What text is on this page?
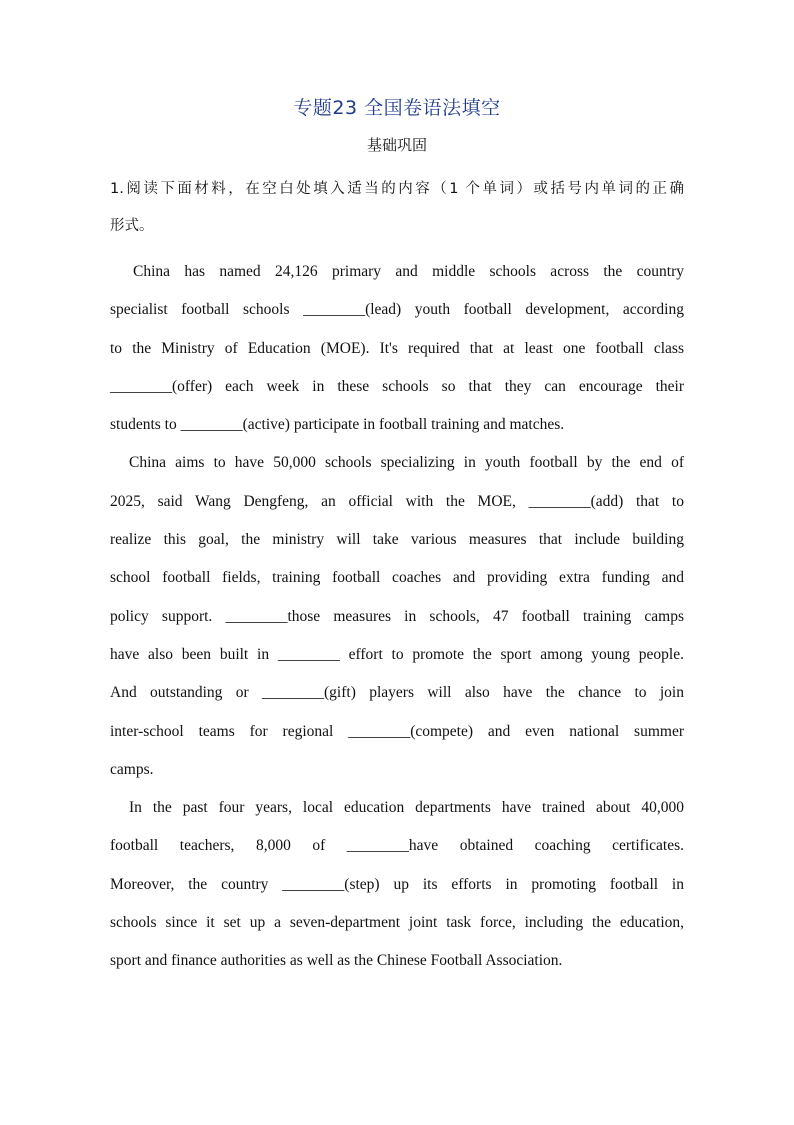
专题23 全国卷语法填空
基础巩固

1.阅读下面材料，在空白处填入适当的内容（1 个单词）或括号内单词的正确
形式。

China has named 24,126 primary and middle schools across the country
specialist football schools ________(lead) youth football development, according
to the Ministry of Education (MOE). It's required that at least one football class
________(offer) each week in these schools so that they can encourage their
students to ________(active) participate in football training and matches.

China aims to have 50,000 schools specializing in youth football by the end of
2025, said Wang Dengfeng, an official with the MOE, ________(add) that to
realize this goal, the ministry will take various measures that include building
school football fields, training football coaches and providing extra funding and
policy support. ________those measures in schools, 47 football training camps
have also been built in ________ effort to promote the sport among young people.
And outstanding or ________(gift) players will also have the chance to join
inter-school teams for regional ________(compete) and even national summer
camps.

In the past four years, local education departments have trained about 40,000
football teachers, 8,000 of ________have obtained coaching certificates.
Moreover, the country ________(step) up its efforts in promoting football in
schools since it set up a seven-department joint task force, including the education,
sport and finance authorities as well as the Chinese Football Association.
